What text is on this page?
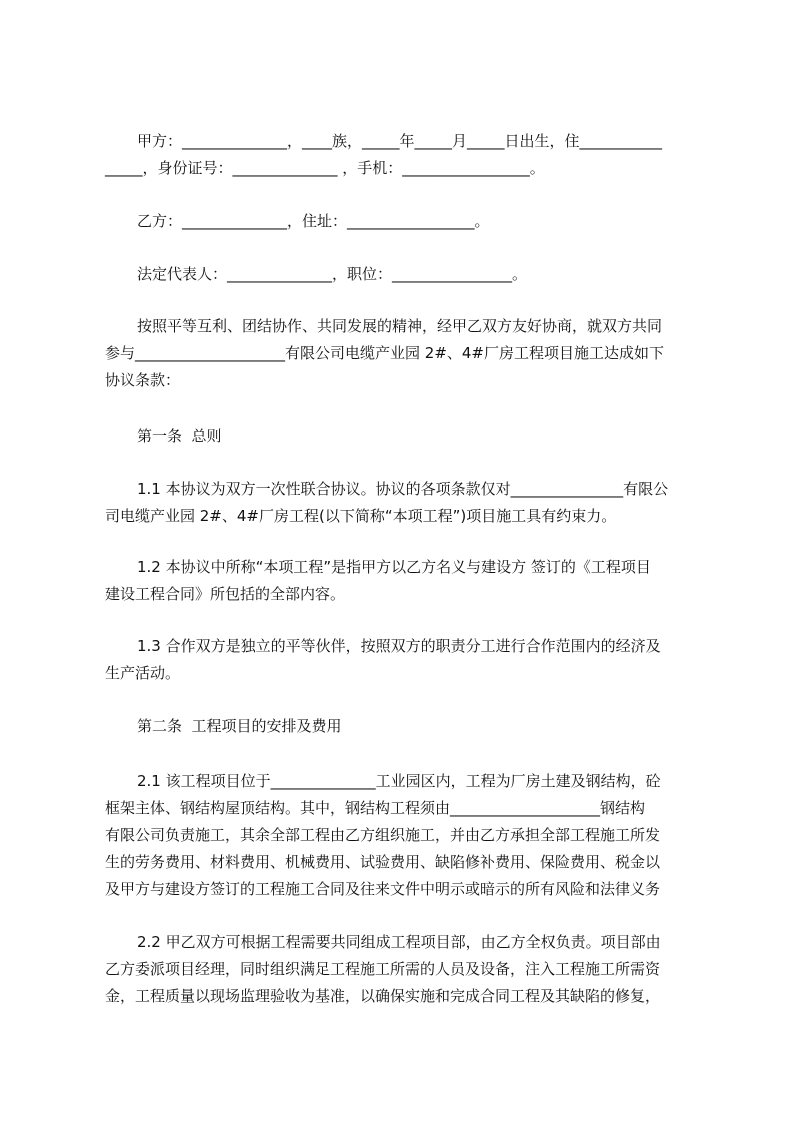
甲方：______________，____族，_____年_____月_____日出生，住___________
_____，身份证号：______________ ，手机：_________________。
乙方：______________，住址：_________________。
法定代表人：______________，职位：________________。
按照平等互利、团结协作、共同发展的精神，经甲乙双方友好协商，就双方共同
参与____________________有限公司电缆产业园 2#、4#厂房工程项目施工达成如下
协议条款：
第一条  总则
1.1 本协议为双方一次性联合协议。协议的各项条款仅对_______________有限公
司电缆产业园 2#、4#厂房工程(以下简称“本项工程”)项目施工具有约束力。
1.2 本协议中所称“本项工程”是指甲方以乙方名义与建设方 签订的《工程项目
建设工程合同》所包括的全部内容。
1.3 合作双方是独立的平等伙伴，按照双方的职责分工进行合作范围内的经济及
生产活动。
第二条  工程项目的安排及费用
2.1 该工程项目位于______________工业园区内，工程为厂房土建及钢结构，砼
框架主体、钢结构屋顶结构。其中，钢结构工程须由____________________钢结构
有限公司负责施工，其余全部工程由乙方组织施工，并由乙方承担全部工程施工所发
生的劳务费用、材料费用、机械费用、试验费用、缺陷修补费用、保险费用、税金以
及甲方与建设方签订的工程施工合同及往来文件中明示或暗示的所有风险和法律义务
2.2 甲乙双方可根据工程需要共同组成工程项目部，由乙方全权负责。项目部由
乙方委派项目经理，同时组织满足工程施工所需的人员及设备，注入工程施工所需资
金，工程质量以现场监理验收为基准，以确保实施和完成合同工程及其缺陷的修复，
